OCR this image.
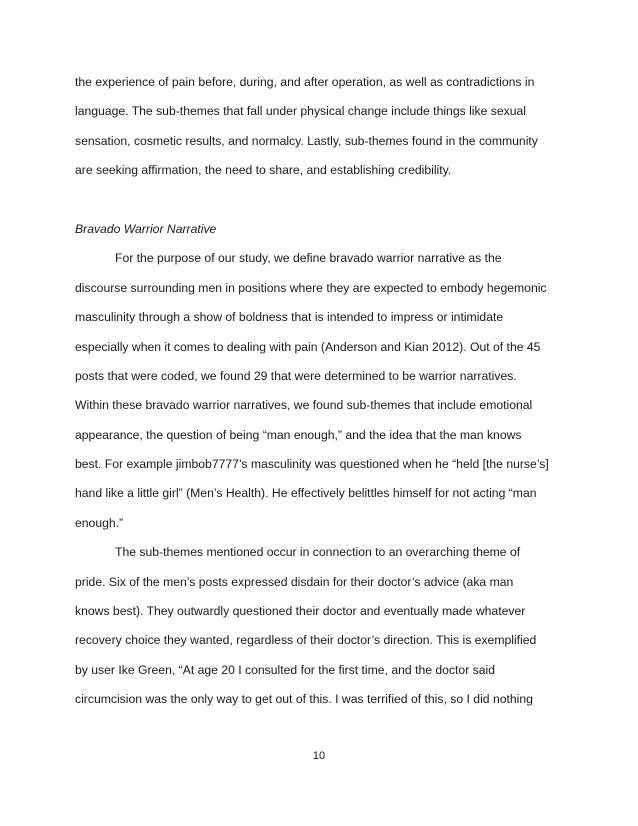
the experience of pain before, during, and after operation, as well as contradictions in
language. The sub-themes that fall under physical change include things like sexual
sensation, cosmetic results, and normalcy. Lastly, sub-themes found in the community
are seeking affirmation, the need to share, and establishing credibility.
Bravado Warrior Narrative
For the purpose of our study, we define bravado warrior narrative as the
discourse surrounding men in positions where they are expected to embody hegemonic
masculinity through a show of boldness that is intended to impress or intimidate
especially when it comes to dealing with pain (Anderson and Kian 2012). Out of the 45
posts that were coded, we found 29 that were determined to be warrior narratives.
Within these bravado warrior narratives, we found sub-themes that include emotional
appearance, the question of being “man enough,” and the idea that the man knows
best. For example jimbob7777’s masculinity was questioned when he “held [the nurse’s]
hand like a little girl” (Men’s Health). He effectively belittles himself for not acting “man
enough.”
The sub-themes mentioned occur in connection to an overarching theme of
pride. Six of the men’s posts expressed disdain for their doctor’s advice (aka man
knows best). They outwardly questioned their doctor and eventually made whatever
recovery choice they wanted, regardless of their doctor’s direction. This is exemplified
by user Ike Green, “At age 20 I consulted for the first time, and the doctor said
circumcision was the only way to get out of this. I was terrified of this, so I did nothing
10
